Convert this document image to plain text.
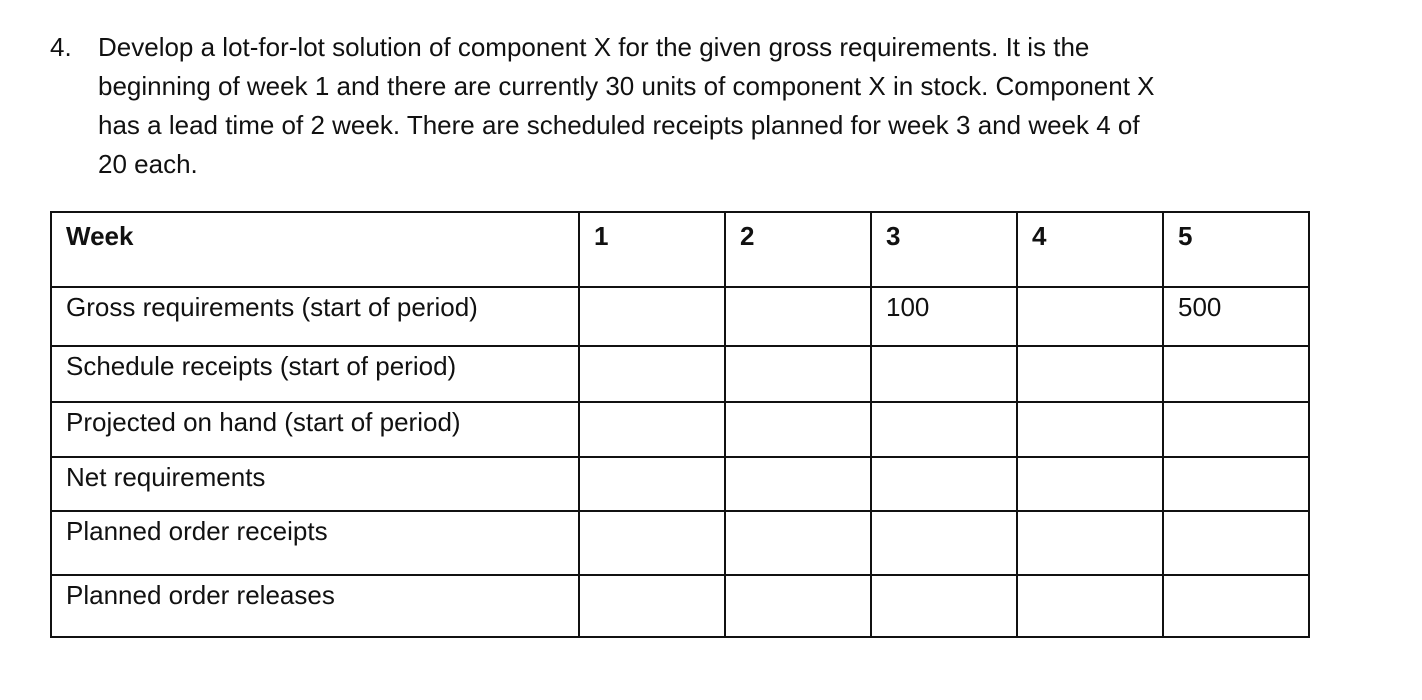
4. Develop a lot-for-lot solution of component X for the given gross requirements. It is the
beginning of week 1 and there are currently 30 units of component X in stock. Component X
has a lead time of 2 week. There are scheduled receipts planned for week 3 and week 4 of
20 each.
Week	1	2	3	4	5
Gross requirements (start of period)			100		500
Schedule receipts (start of period)					
Projected on hand (start of period)					
Net requirements					
Planned order receipts					
Planned order releases					
